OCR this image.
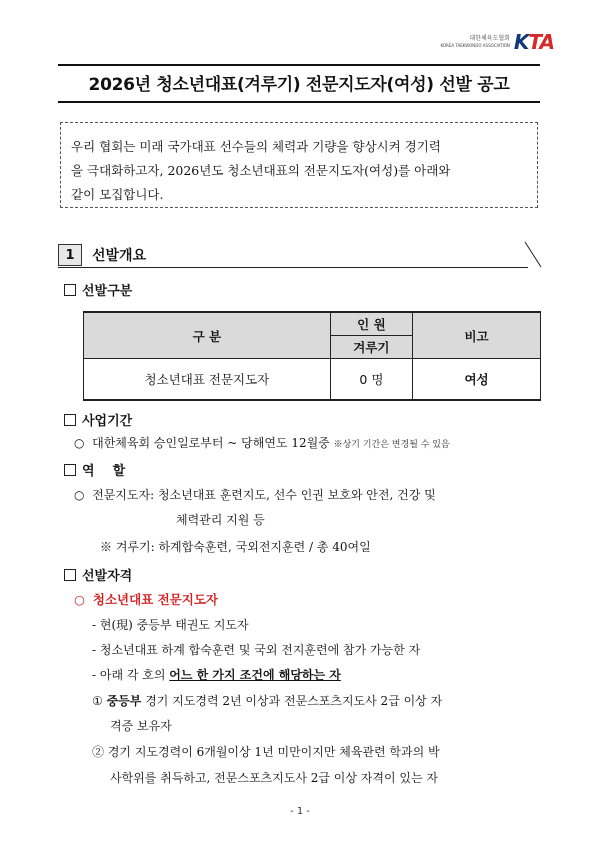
대한체육도협회
KOREA TAEKWONDO ASSOCIATION KTA
2026년 청소년대표(겨루기) 전문지도자(여성) 선발 공고
우리 협회는 미래 국가대표 선수들의 체력과 기량을 향상시켜 경기력
을 극대화하고자, 2026년도 청소년대표의 전문지도자(여성)를 아래와
같이 모집합니다.
1	선발개요
선발구분
구 분	인 원	비고
	겨루기	
청소년대표 전문지도자	0 명	여성
사업기간
○ 대한체육회 승인일로부터 ~ 당해연도 12월중 ※상기 기간은 변경될 수 있음
역    할
○ 전문지도자: 청소년대표 훈련지도, 선수 인권 보호와 안전, 건강 및
체력관리 지원 등
※ 겨루기: 하계합숙훈련, 국외전지훈련 / 총 40여일
선발자격
○ 청소년대표 전문지도자
- 현(現) 중등부 태권도 지도자
- 청소년대표 하계 합숙훈련 및 국외 전지훈련에 참가 가능한 자
- 아래 각 호의 어느 한 가지 조건에 해당하는 자
① 중등부 경기 지도경력 2년 이상과 전문스포츠지도사 2급 이상 자
격증 보유자
② 경기 지도경력이 6개월이상 1년 미만이지만 체육관련 학과의 박
사학위를 취득하고, 전문스포츠지도사 2급 이상 자격이 있는 자
- 1 -
